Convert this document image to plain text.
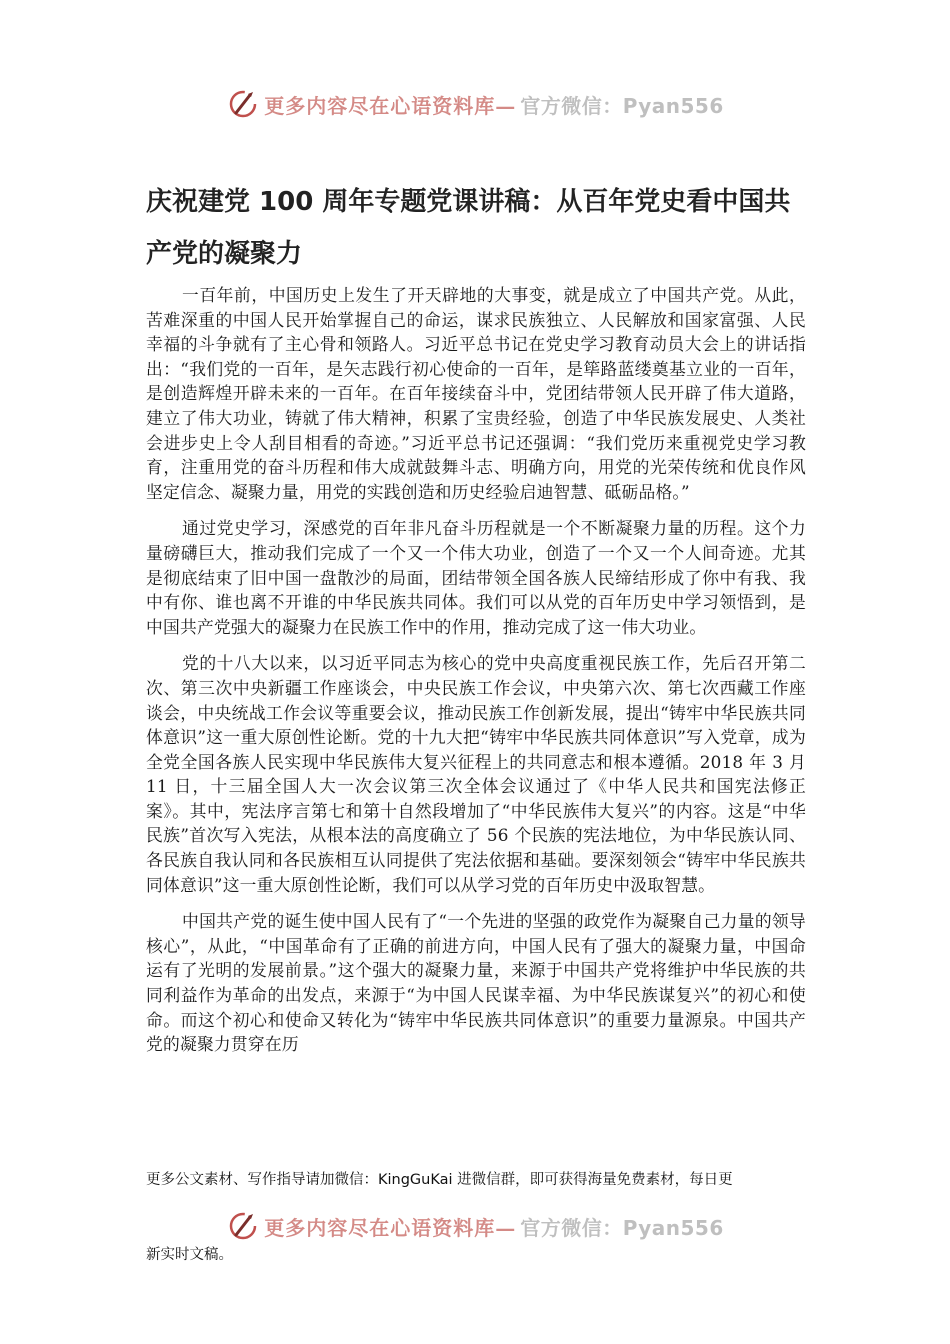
更多内容尽在心语资料库— 官方微信：Pyan556
庆祝建党 100 周年专题党课讲稿：从百年党史看中国共产党的凝聚力

一百年前，中国历史上发生了开天辟地的大事变，就是成立了中国共产党。从此，苦难深重的中国人民开始掌握自己的命运，谋求民族独立、人民解放和国家富强、人民幸福的斗争就有了主心骨和领路人。习近平总书记在党史学习教育动员大会上的讲话指出：“我们党的一百年，是矢志践行初心使命的一百年，是筚路蓝缕奠基立业的一百年，是创造辉煌开辟未来的一百年。在百年接续奋斗中，党团结带领人民开辟了伟大道路，建立了伟大功业，铸就了伟大精神，积累了宝贵经验，创造了中华民族发展史、人类社会进步史上令人刮目相看的奇迹。”习近平总书记还强调：“我们党历来重视党史学习教育，注重用党的奋斗历程和伟大成就鼓舞斗志、明确方向，用党的光荣传统和优良作风坚定信念、凝聚力量，用党的实践创造和历史经验启迪智慧、砥砺品格。”

通过党史学习，深感党的百年非凡奋斗历程就是一个不断凝聚力量的历程。这个力量磅礴巨大，推动我们完成了一个又一个伟大功业，创造了一个又一个人间奇迹。尤其是彻底结束了旧中国一盘散沙的局面，团结带领全国各族人民缔结形成了你中有我、我中有你、谁也离不开谁的中华民族共同体。我们可以从党的百年历史中学习领悟到，是中国共产党强大的凝聚力在民族工作中的作用，推动完成了这一伟大功业。

党的十八大以来，以习近平同志为核心的党中央高度重视民族工作，先后召开第二次、第三次中央新疆工作座谈会，中央民族工作会议，中央第六次、第七次西藏工作座谈会，中央统战工作会议等重要会议，推动民族工作创新发展，提出“铸牢中华民族共同体意识”这一重大原创性论断。党的十九大把“铸牢中华民族共同体意识”写入党章，成为全党全国各族人民实现中华民族伟大复兴征程上的共同意志和根本遵循。2018 年 3 月 11 日，十三届全国人大一次会议第三次全体会议通过了《中华人民共和国宪法修正案》。其中，宪法序言第七和第十自然段增加了“中华民族伟大复兴”的内容。这是“中华民族”首次写入宪法，从根本法的高度确立了 56 个民族的宪法地位，为中华民族认同、各民族自我认同和各民族相互认同提供了宪法依据和基础。要深刻领会“铸牢中华民族共同体意识”这一重大原创性论断，我们可以从学习党的百年历史中汲取智慧。

中国共产党的诞生使中国人民有了“一个先进的坚强的政党作为凝聚自己力量的领导核心”，从此，“中国革命有了正确的前进方向，中国人民有了强大的凝聚力量，中国命运有了光明的发展前景。”这个强大的凝聚力量，来源于中国共产党将维护中华民族的共同利益作为革命的出发点，来源于“为中国人民谋幸福、为中华民族谋复兴”的初心和使命。而这个初心和使命又转化为“铸牢中华民族共同体意识”的重要力量源泉。中国共产党的凝聚力贯穿在历

更多公文素材、写作指导请加微信：KingGuKai 进微信群，即可获得海量免费素材，每日更
更多内容尽在心语资料库— 官方微信：Pyan556
新实时文稿。
